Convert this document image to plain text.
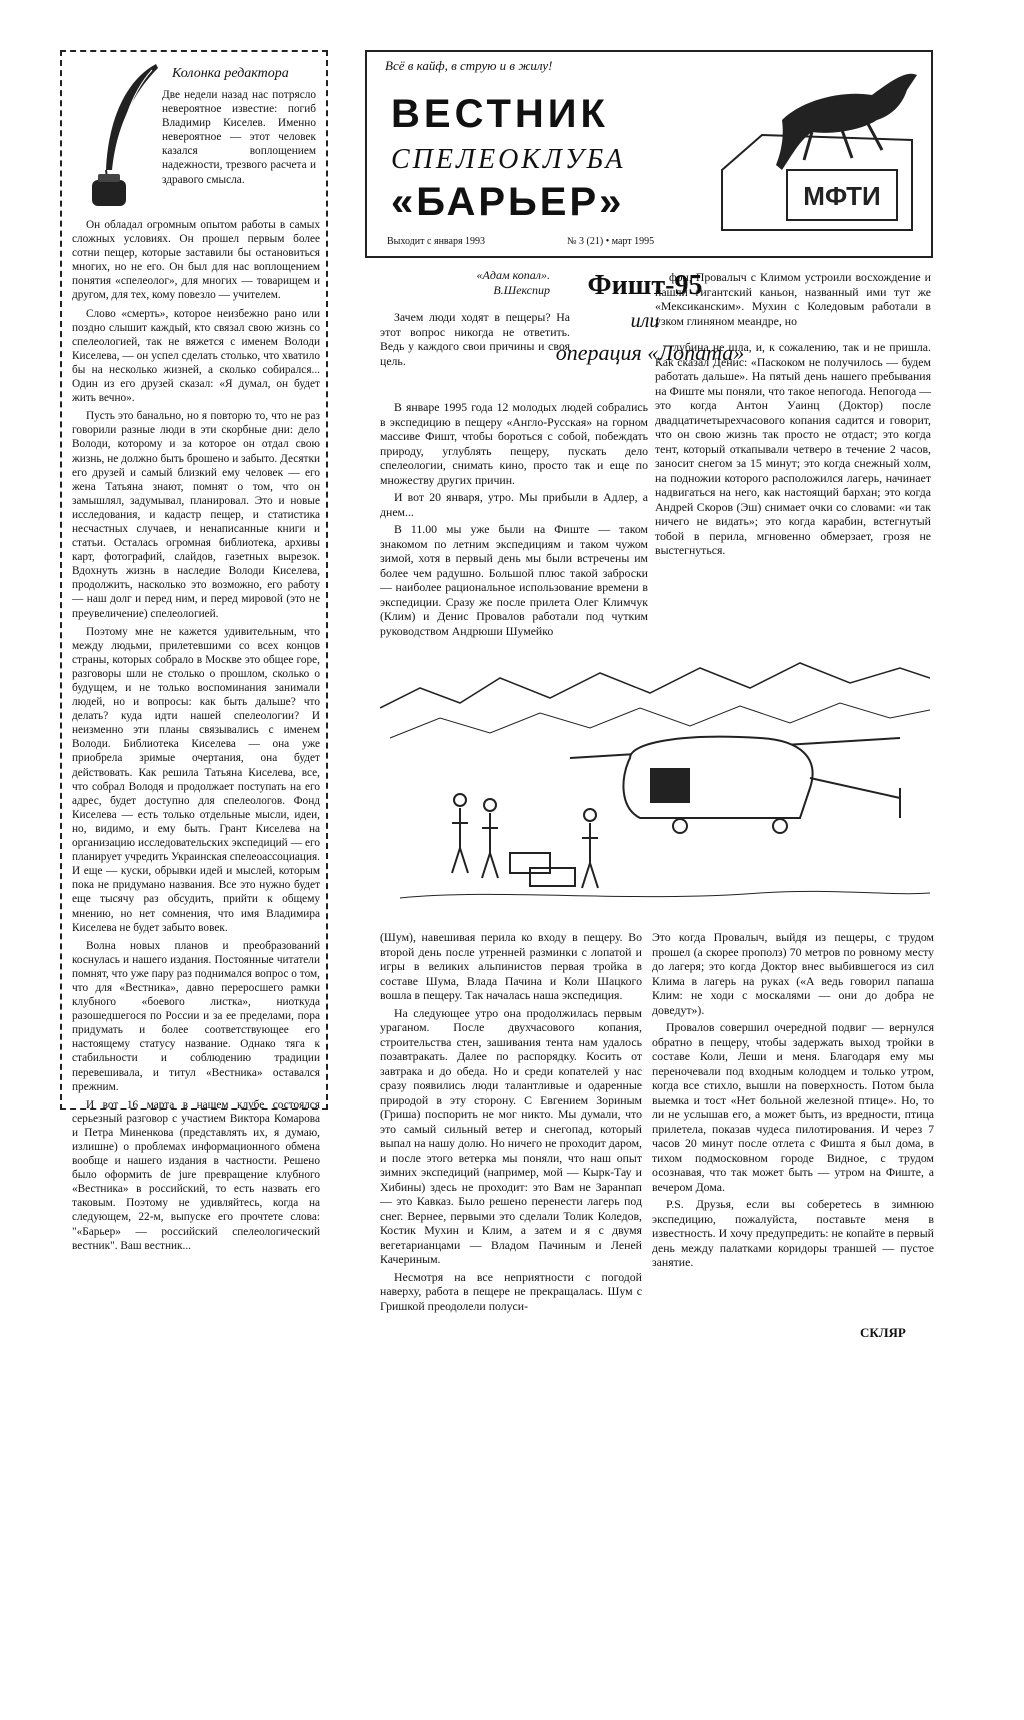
Колонка редактора
Две недели назад нас потрясло невероятное известие: погиб Владимир Киселев. Именно невероятное — этот человек казался воплощением надежности, трезвого расчета и здравого смысла.

Он обладал огромным опытом работы в самых сложных условиях. Он прошел первым более сотни пещер, которые заставили бы остановиться многих, но не его. Он был для нас воплощением понятия «спелеолог», для многих — товарищем и другом, для тех, кому повезло — учителем.

Слово «смерть», которое неизбежно рано или поздно слышит каждый, кто связал свою жизнь со спелеологией, так не вяжется с именем Володи Киселева, — он успел сделать столько, что хватило бы на несколько жизней, а сколько собирался... Один из его друзей сказал: «Я думал, он будет жить вечно».

Пусть это банально, но я повторю то, что не раз говорили разные люди в эти скорбные дни: дело Володи, которому и за которое он отдал свою жизнь, не должно быть брошено и забыто. Десятки его друзей и самый близкий ему человек — его жена Татьяна знают, помнят о том, что он замышлял, задумывал, планировал. Это и новые исследования, и кадастр пещер, и статистика несчастных случаев, и ненаписанные книги и статьи. Осталась огромная библиотека, архивы карт, фотографий, слайдов, газетных вырезок. Вдохнуть жизнь в наследие Володи Киселева, продолжить, насколько это возможно, его работу — наш долг и перед ним, и перед мировой (это не преувеличение) спелеологией.

Поэтому мне не кажется удивительным, что между людьми, прилетевшими со всех концов страны, которых собрало в Москве это общее горе, разговоры шли не столько о прошлом, сколько о будущем, и не только воспоминания занимали людей, но и вопросы: как быть дальше? что делать? куда идти нашей спелеологии? И неизменно эти планы связывались с именем Володи. Библиотека Киселева — она уже приобрела зримые очертания, она будет действовать. Как решила Татьяна Киселева, все, что собрал Володя и продолжает поступать на его адрес, будет доступно для спелеологов. Фонд Киселева — есть только отдельные мысли, идеи, но, видимо, и ему быть. Грант Киселева на организацию исследовательских экспедиций — его планирует учредить Украинская спелеоассоциация. И еще — куски, обрывки идей и мыслей, которым пока не придумано названия. Все это нужно будет еще тысячу раз обсудить, прийти к общему мнению, но нет сомнения, что имя Владимира Киселева не будет забыто вовек.

Волна новых планов и преобразований коснулась и нашего издания. Постоянные читатели помнят, что уже пару раз поднимался вопрос о том, что для «Вестника», давно переросшего рамки клубного «боевого листка», ниоткуда разошедшегося по России и за ее пределами, пора придумать и более соответствующее его настоящему статусу название. Однако тяга к стабильности и соблюдению традиции перевешивала, и титул «Вестника» оставался прежним.

И вот 16 марта в нашем клубе состоялся серьезный разговор с участием Виктора Комарова и Петра Миненкова (представлять их, я думаю, излишне) о проблемах информационного обмена вообще и нашего издания в частности. Решено было оформить de jure превращение клубного «Вестника» в российский, то есть назвать его таковым. Поэтому не удивляйтесь, когда на следующем, 22-м, выпуске его прочтете слова: "«Барьер» — российский спелеологический вестник". Ваш вестник...

Всё в кайф, в струю и в жилу!
ВЕСТНИК
СПЕЛЕОКЛУБА
«БАРЬЕР»
Выходит с января 1993	№ 3 (21) • март 1995
МФТИ
«Адам копал».
В.Шекспир	Фишт-95
или
операция «Лопата»

Зачем люди ходят в пещеры? На этот вопрос никогда не ответить. Ведь у каждого свои причины и своя цель.

В январе 1995 года 12 молодых людей собрались в экспедицию в пещеру «Англо-Русская» на горном массиве Фишт, чтобы бороться с собой, побеждать природу, углублять пещеру, пускать дело спелеологии, снимать кино, просто так и еще по множеству других причин.

И вот 20 января, утро. Мы прибыли в Адлер, а днем...

В 11.00 мы уже были на Фиште — таком знакомом по летним экспедициям и таком чужом зимой, хотя в первый день мы были встречены им более чем радушно. Большой плюс такой заброски — наиболее рациональное использование времени в экспедиции. Сразу же после прилета Олег Климчук (Клим) и Денис Провалов работали под чутким руководством Андрюши Шумейко

фон, Провалыч с Климом устроили восхождение и нашли гигантский каньон, названный ими тут же «Мексиканским». Мухин с Коледовым работали в узком глиняном меандре, но

глубина не шла, и, к сожалению, так и не пришла. Как сказал Денис: «Паскоком не получилось — будем работать дальше». На пятый день нашего пребывания на Фиште мы поняли, что такое непогода. Непогода — это когда Антон Уаинц (Доктор) после двадцатичетырехчасового копания садится и говорит, что он свою жизнь так просто не отдаст; это когда тент, который откапывали четверо в течение 2 часов, заносит снегом за 15 минут; это когда снежный холм, на подножии которого расположился лагерь, начинает надвигаться на него, как настоящий бархан; это когда Андрей Скоров (Эш) снимает очки со словами: «и так ничего не видать»; это когда карабин, встегнутый тобой в перила, мгновенно обмерзает, грозя не выстегнуться.

(Шум), навешивая перила ко входу в пещеру. Во второй день после утренней разминки с лопатой и игры в великих альпинистов первая тройка в составе Шума, Влада Пачина и Коли Шацкого вошла в пещеру. Так началась наша экспедиция.

На следующее утро она продолжилась первым ураганом. После двухчасового копания, строительства стен, зашивания тента нам удалось позавтракать. Далее по распорядку. Косить от завтрака и до обеда. Но и среди копателей у нас сразу появились люди талантливые и одаренные природой в эту сторону. С Евгением Зориным (Гриша) поспорить не мог никто. Мы думали, что это самый сильный ветер и снегопад, который выпал на нашу долю. Но ничего не проходит даром, и после этого ветерка мы поняли, что наш опыт зимних экспедиций (например, мой — Кырк-Тау и Хибины) здесь не проходит: это Вам не Заранпап — это Кавказ. Было решено перенести лагерь под снег. Вернее, первыми это сделали Толик Коледов, Костик Мухин и Клим, а затем и я с двумя вегетарианцами — Владом Пачиным и Леней Качериным.

Несмотря на все неприятности с погодой наверху, работа в пещере не прекращалась. Шум с Гришкой преодолели полуси-

Это когда Провалыч, выйдя из пещеры, с трудом прошел (а скорее прополз) 70 метров по ровному месту до лагеря; это когда Доктор внес выбившегося из сил Клима в лагерь на руках («А ведь говорил папаша Клим: не ходи с москалями — они до добра не доведут»).

Провалов совершил очередной подвиг — вернулся обратно в пещеру, чтобы задержать выход тройки в составе Коли, Леши и меня. Благодаря ему мы переночевали под входным колодцем и только утром, когда все стихло, вышли на поверхность. Потом была выемка и тост «Нет больной железной птице». Но, то ли не услышав его, а может быть, из вредности, птица прилетела, показав чудеса пилотирования. И через 7 часов 20 минут после отлета с Фишта я был дома, в тихом подмосковном городе Видное, с трудом осознавая, что так может быть — утром на Фиште, а вечером Дома.

P.S. Друзья, если вы соберетесь в зимнюю экспедицию, пожалуйста, поставьте меня в известность. И хочу предупредить: не копайте в первый день между палатками коридоры траншей — пустое занятие.

СКЛЯР
